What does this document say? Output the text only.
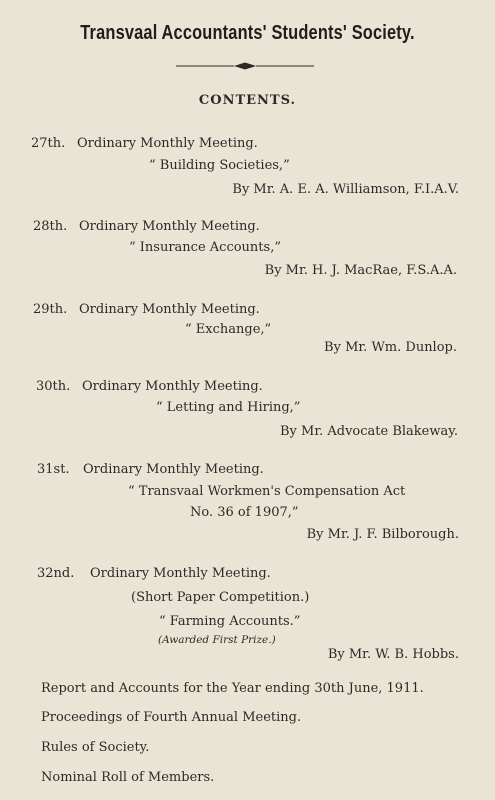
Transvaal Accountants' Students' Society.
CONTENTS.
27th. Ordinary Monthly Meeting.
“ Building Societies,”
By Mr. A. E. A. Williamson, F.I.A.V.
28th. Ordinary Monthly Meeting.
“ Insurance Accounts,”
By Mr. H. J. MacRae, F.S.A.A.
29th. Ordinary Monthly Meeting.
“ Exchange,”
By Mr. Wm. Dunlop.
30th. Ordinary Monthly Meeting.
“ Letting and Hiring,”
By Mr. Advocate Blakeway.
31st. Ordinary Monthly Meeting.
“ Transvaal Workmen's Compensation Act
No. 36 of 1907,”
By Mr. J. F. Bilborough.
32nd. Ordinary Monthly Meeting.
(Short Paper Competition.)
“ Farming Accounts.”
(Awarded First Prize.)
By Mr. W. B. Hobbs.
Report and Accounts for the Year ending 30th June, 1911.
Proceedings of Fourth Annual Meeting.
Rules of Society.
Nominal Roll of Members.
